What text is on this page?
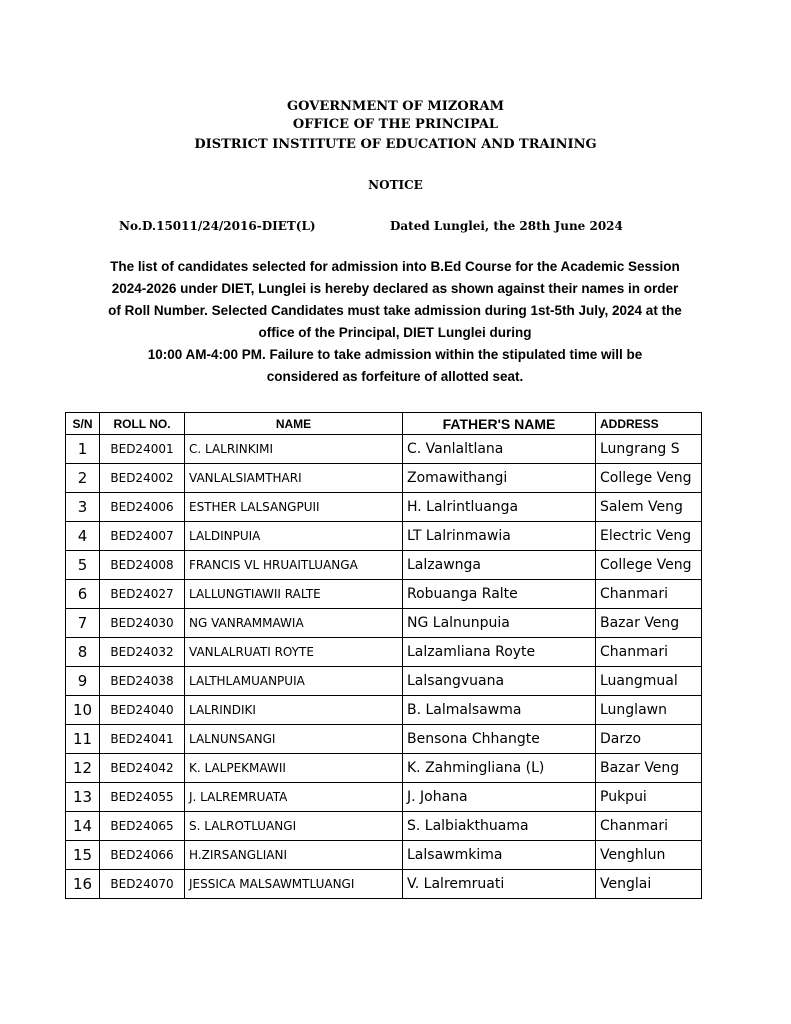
GOVERNMENT OF MIZORAM
OFFICE OF THE PRINCIPAL
DISTRICT INSTITUTE OF EDUCATION AND TRAINING
NOTICE
No.D.15011/24/2016-DIET(L)	Dated Lunglei, the 28th June 2024
The list of candidates selected for admission into B.Ed Course for the Academic Session
2024-2026 under DIET, Lunglei is hereby declared as shown against their names in order
of Roll Number. Selected Candidates must take admission during 1st-5th July, 2024 at the
office of the Principal, DIET Lunglei during
10:00 AM-4:00 PM. Failure to take admission within the stipulated time will be
considered as forfeiture of allotted seat.
S/N	ROLL NO.	NAME	FATHER'S NAME	ADDRESS
1	BED24001	C. LALRINKIMI	C. Vanlaltlana	Lungrang S
2	BED24002	VANLALSIAMTHARI	Zomawithangi	College Veng
3	BED24006	ESTHER LALSANGPUII	H. Lalrintluanga	Salem Veng
4	BED24007	LALDINPUIA	LT Lalrinmawia	Electric Veng
5	BED24008	FRANCIS VL HRUAITLUANGA	Lalzawnga	College Veng
6	BED24027	LALLUNGTIAWII RALTE	Robuanga Ralte	Chanmari
7	BED24030	NG VANRAMMAWIA	NG Lalnunpuia	Bazar Veng
8	BED24032	VANLALRUATI ROYTE	Lalzamliana Royte	Chanmari
9	BED24038	LALTHLAMUANPUIA	Lalsangvuana	Luangmual
10	BED24040	LALRINDIKI	B. Lalmalsawma	Lunglawn
11	BED24041	LALNUNSANGI	Bensona Chhangte	Darzo
12	BED24042	K. LALPEKMAWII	K. Zahmingliana (L)	Bazar Veng
13	BED24055	J. LALREMRUATA	J. Johana	Pukpui
14	BED24065	S. LALROTLUANGI	S. Lalbiakthuama	Chanmari
15	BED24066	H.ZIRSANGLIANI	Lalsawmkima	Venghlun
16	BED24070	JESSICA MALSAWMTLUANGI	V. Lalremruati	Venglai
